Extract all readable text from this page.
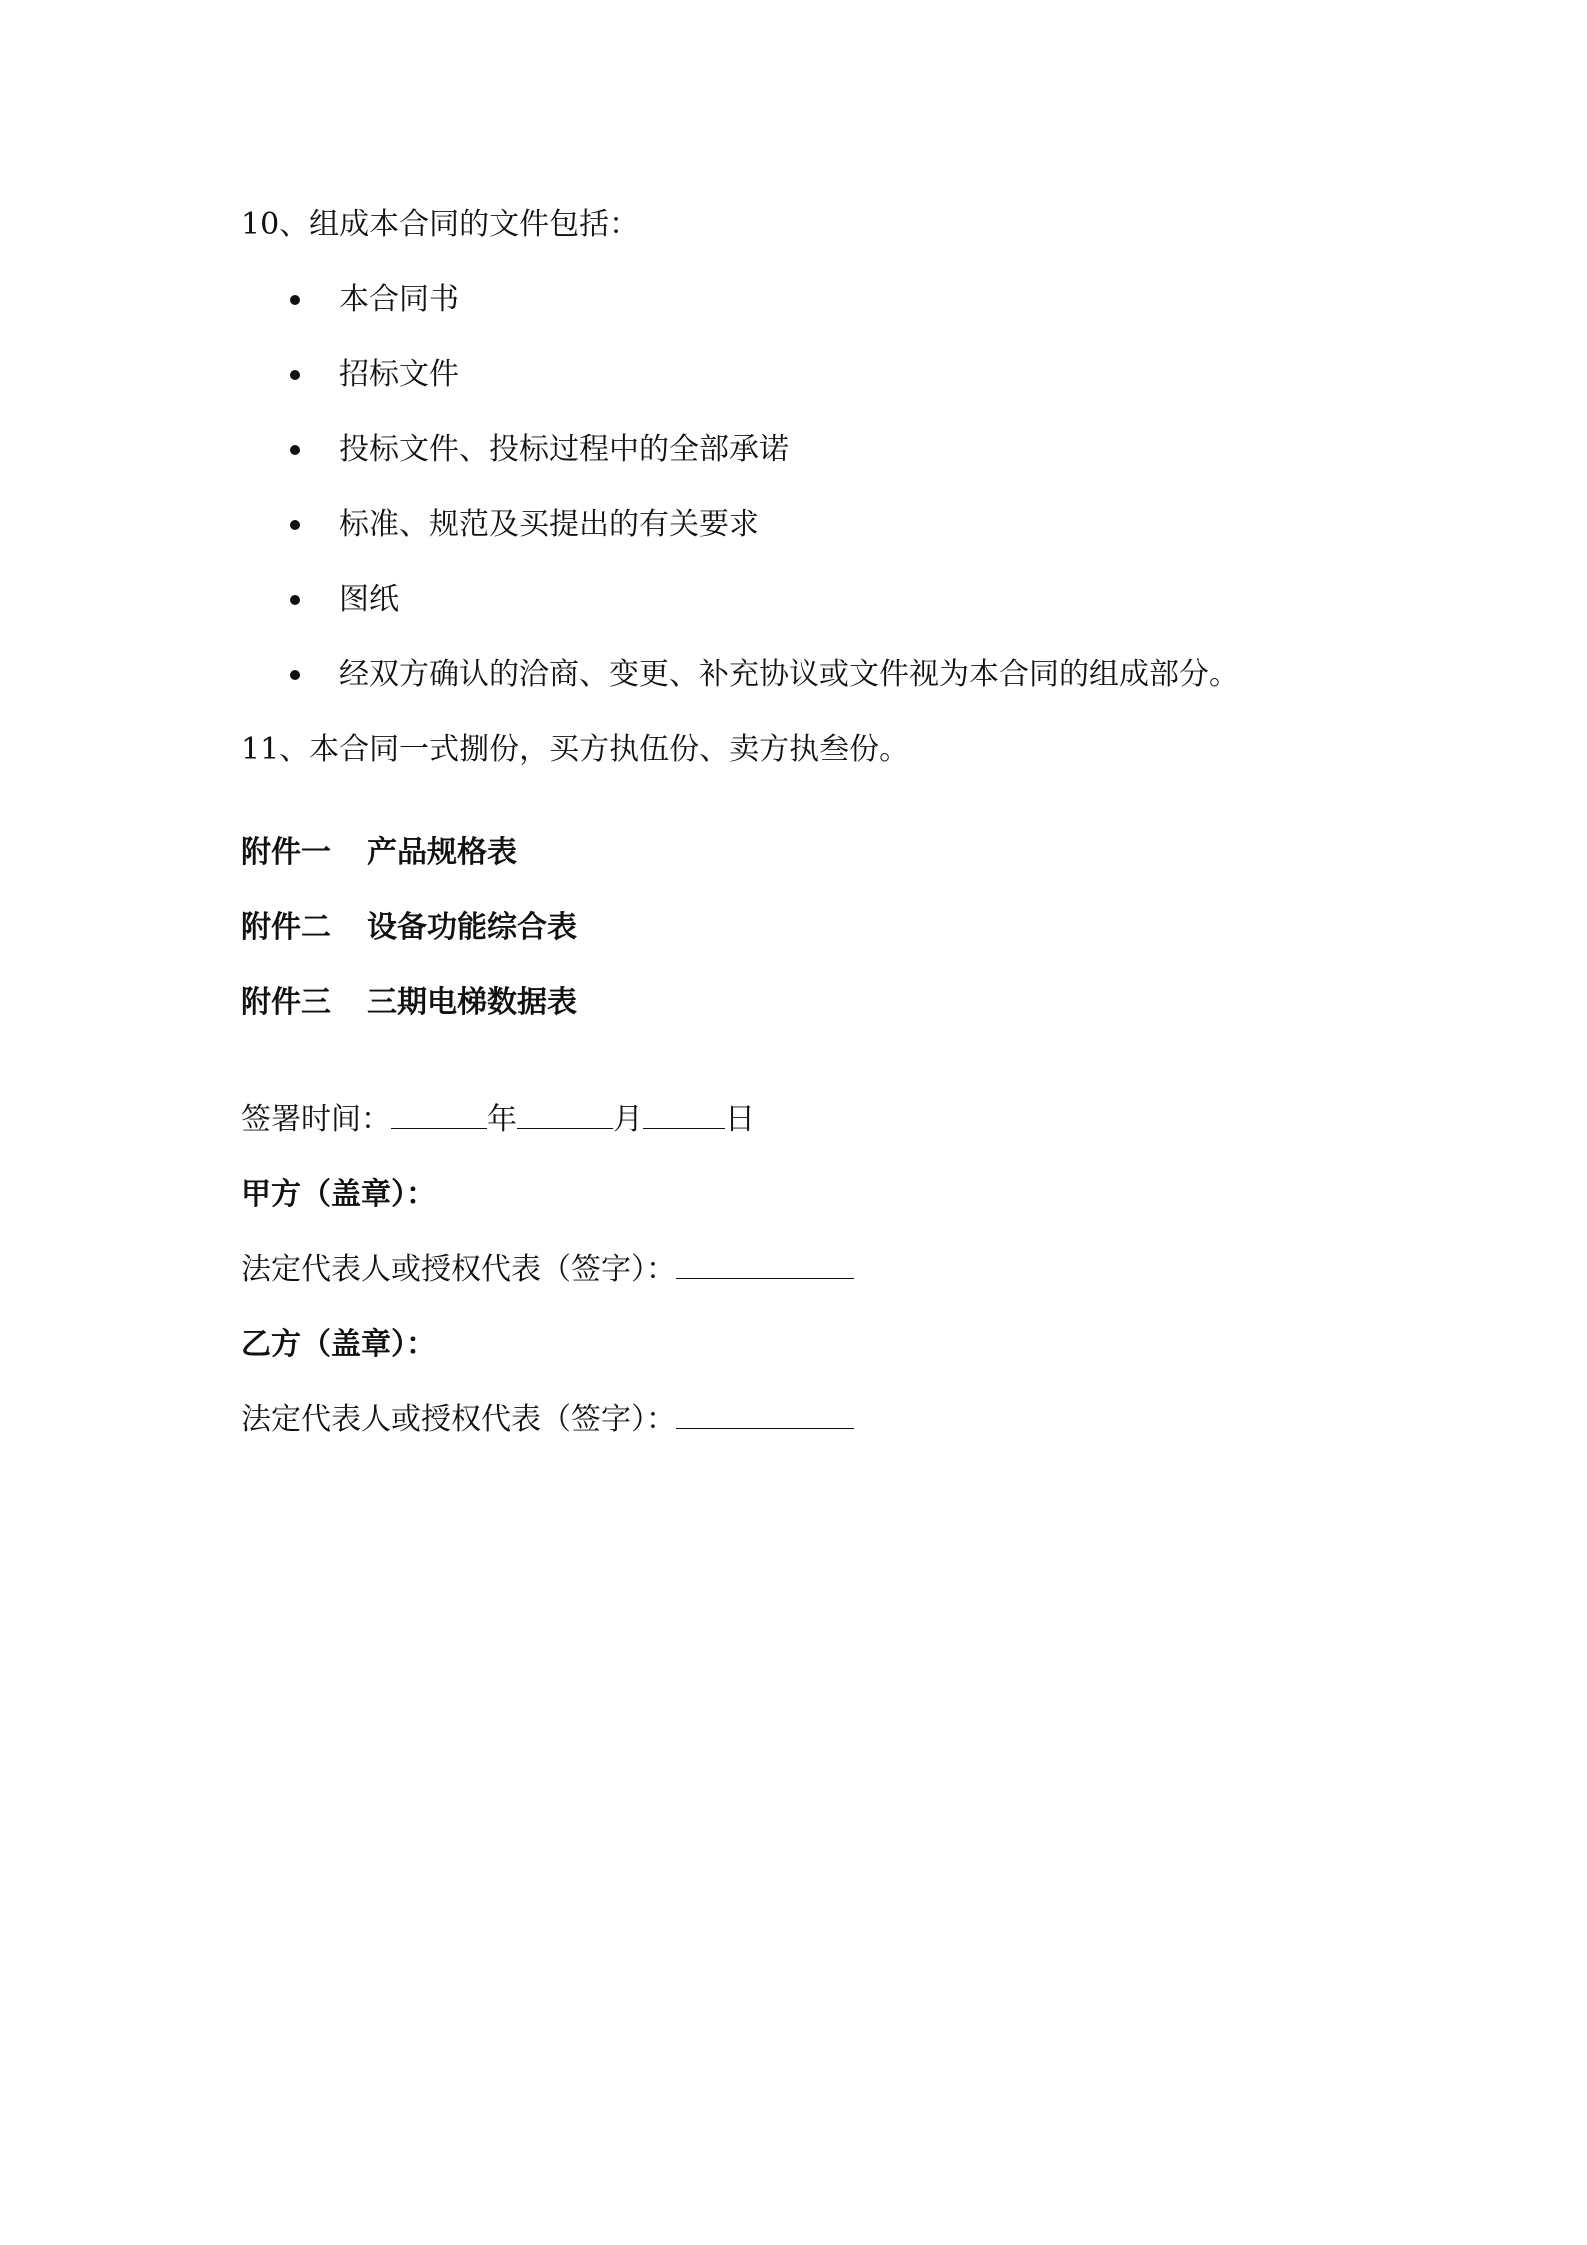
10、组成本合同的文件包括：
本合同书
招标文件
投标文件、投标过程中的全部承诺
标准、规范及买提出的有关要求
图纸
经双方确认的洽商、变更、补充协议或文件视为本合同的组成部分。
11、本合同一式捌份，买方执伍份、卖方执叁份。
附件一 产品规格表
附件二 设备功能综合表
附件三 三期电梯数据表
签署时间：	年	月	日
甲方（盖章）：
法定代表人或授权代表（签字）：
乙方（盖章）：
法定代表人或授权代表（签字）：
